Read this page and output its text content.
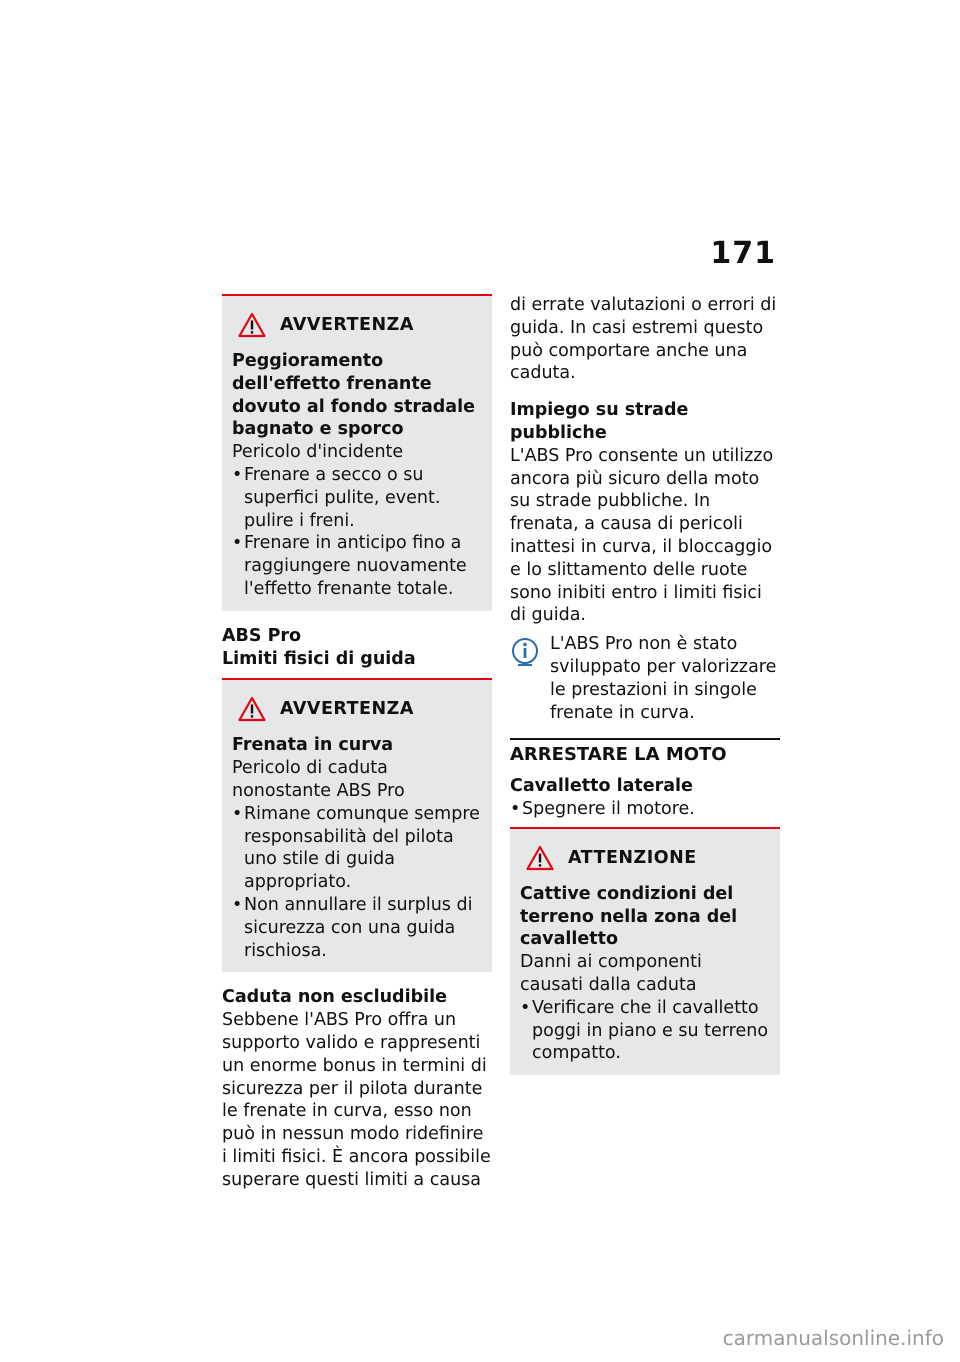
171
AVVERTENZA

Peggioramento dell'effetto frenante dovuto al fondo stradale bagnato e sporco

Pericolo d'incidente

• Frenare a secco o su superfici pulite, event. pulire i freni.
• Frenare in anticipo fino a raggiungere nuovamente l'effetto frenante totale.

ABS Pro

Limiti fisici di guida

AVVERTENZA

Frenata in curva

Pericolo di caduta nonostante ABS Pro

• Rimane comunque sempre responsabilità del pilota uno stile di guida appropriato.
• Non annullare il surplus di sicurezza con una guida rischiosa.

Caduta non escludibile

Sebbene l'ABS Pro offra un supporto valido e rappresenti un enorme bonus in termini di sicurezza per il pilota durante le frenate in curva, esso non può in nessun modo ridefinire i limiti fisici. È ancora possibile superare questi limiti a causa

di errate valutazioni o errori di guida. In casi estremi questo può comportare anche una caduta.

Impiego su strade pubbliche

L'ABS Pro consente un utilizzo ancora più sicuro della moto su strade pubbliche. In frenata, a causa di pericoli inattesi in curva, il bloccaggio e lo slittamento delle ruote sono inibiti entro i limiti fisici di guida.

L'ABS Pro non è stato sviluppato per valorizzare le prestazioni in singole frenate in curva.

ARRESTARE LA MOTO

Cavalletto laterale

• Spegnere il motore.
ATTENZIONE

Cattive condizioni del terreno nella zona del cavalletto

Danni ai componenti causati dalla caduta

• Verificare che il cavalletto poggi in piano e su terreno compatto.
carmanualsonline.info
